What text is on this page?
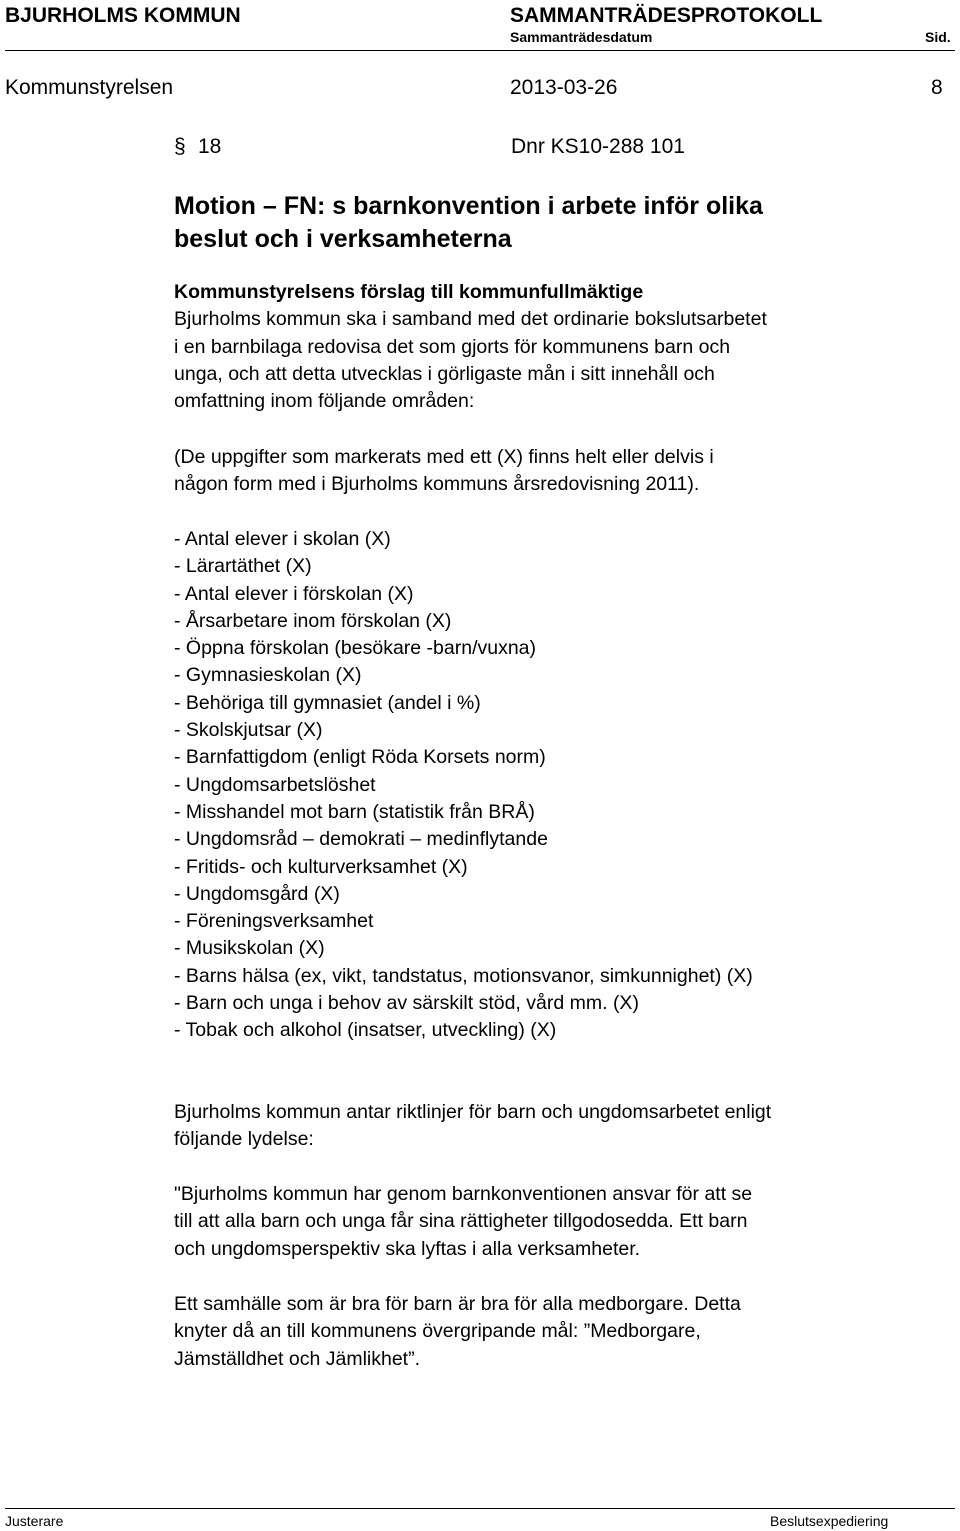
BJURHOLMS KOMMUN	SAMMANTRÄDESPROTOKOLL
Sammanträdesdatum	Sid.
Kommunstyrelsen	2013-03-26	8
§ 18	Dnr KS10-288 101
Motion – FN: s barnkonvention i arbete inför olika
beslut och i verksamheterna
Kommunstyrelsens förslag till kommunfullmäktige
Bjurholms kommun ska i samband med det ordinarie bokslutsarbetet
i en barnbilaga redovisa det som gjorts för kommunens barn och
unga, och att detta utvecklas i görligaste mån i sitt innehåll och
omfattning inom följande områden:
(De uppgifter som markerats med ett (X) finns helt eller delvis i
någon form med i Bjurholms kommuns årsredovisning 2011).
- Antal elever i skolan (X)
- Lärartäthet (X)
- Antal elever i förskolan (X)
- Årsarbetare inom förskolan (X)
- Öppna förskolan (besökare -barn/vuxna)
- Gymnasieskolan (X)
- Behöriga till gymnasiet (andel i %)
- Skolskjutsar (X)
- Barnfattigdom (enligt Röda Korsets norm)
- Ungdomsarbetslöshet
- Misshandel mot barn (statistik från BRÅ)
- Ungdomsråd – demokrati – medinflytande
- Fritids- och kulturverksamhet (X)
- Ungdomsgård (X)
- Föreningsverksamhet
- Musikskolan (X)
- Barns hälsa (ex, vikt, tandstatus, motionsvanor, simkunnighet) (X)
- Barn och unga i behov av särskilt stöd, vård mm. (X)
- Tobak och alkohol (insatser, utveckling) (X)
Bjurholms kommun antar riktlinjer för barn och ungdomsarbetet enligt
följande lydelse:
"Bjurholms kommun har genom barnkonventionen ansvar för att se
till att alla barn och unga får sina rättigheter tillgodosedda. Ett barn
och ungdomsperspektiv ska lyftas i alla verksamheter.
Ett samhälle som är bra för barn är bra för alla medborgare. Detta
knyter då an till kommunens övergripande mål: ”Medborgare,
Jämställdhet och Jämlikhet”.
Justerare	Beslutsexpediering
